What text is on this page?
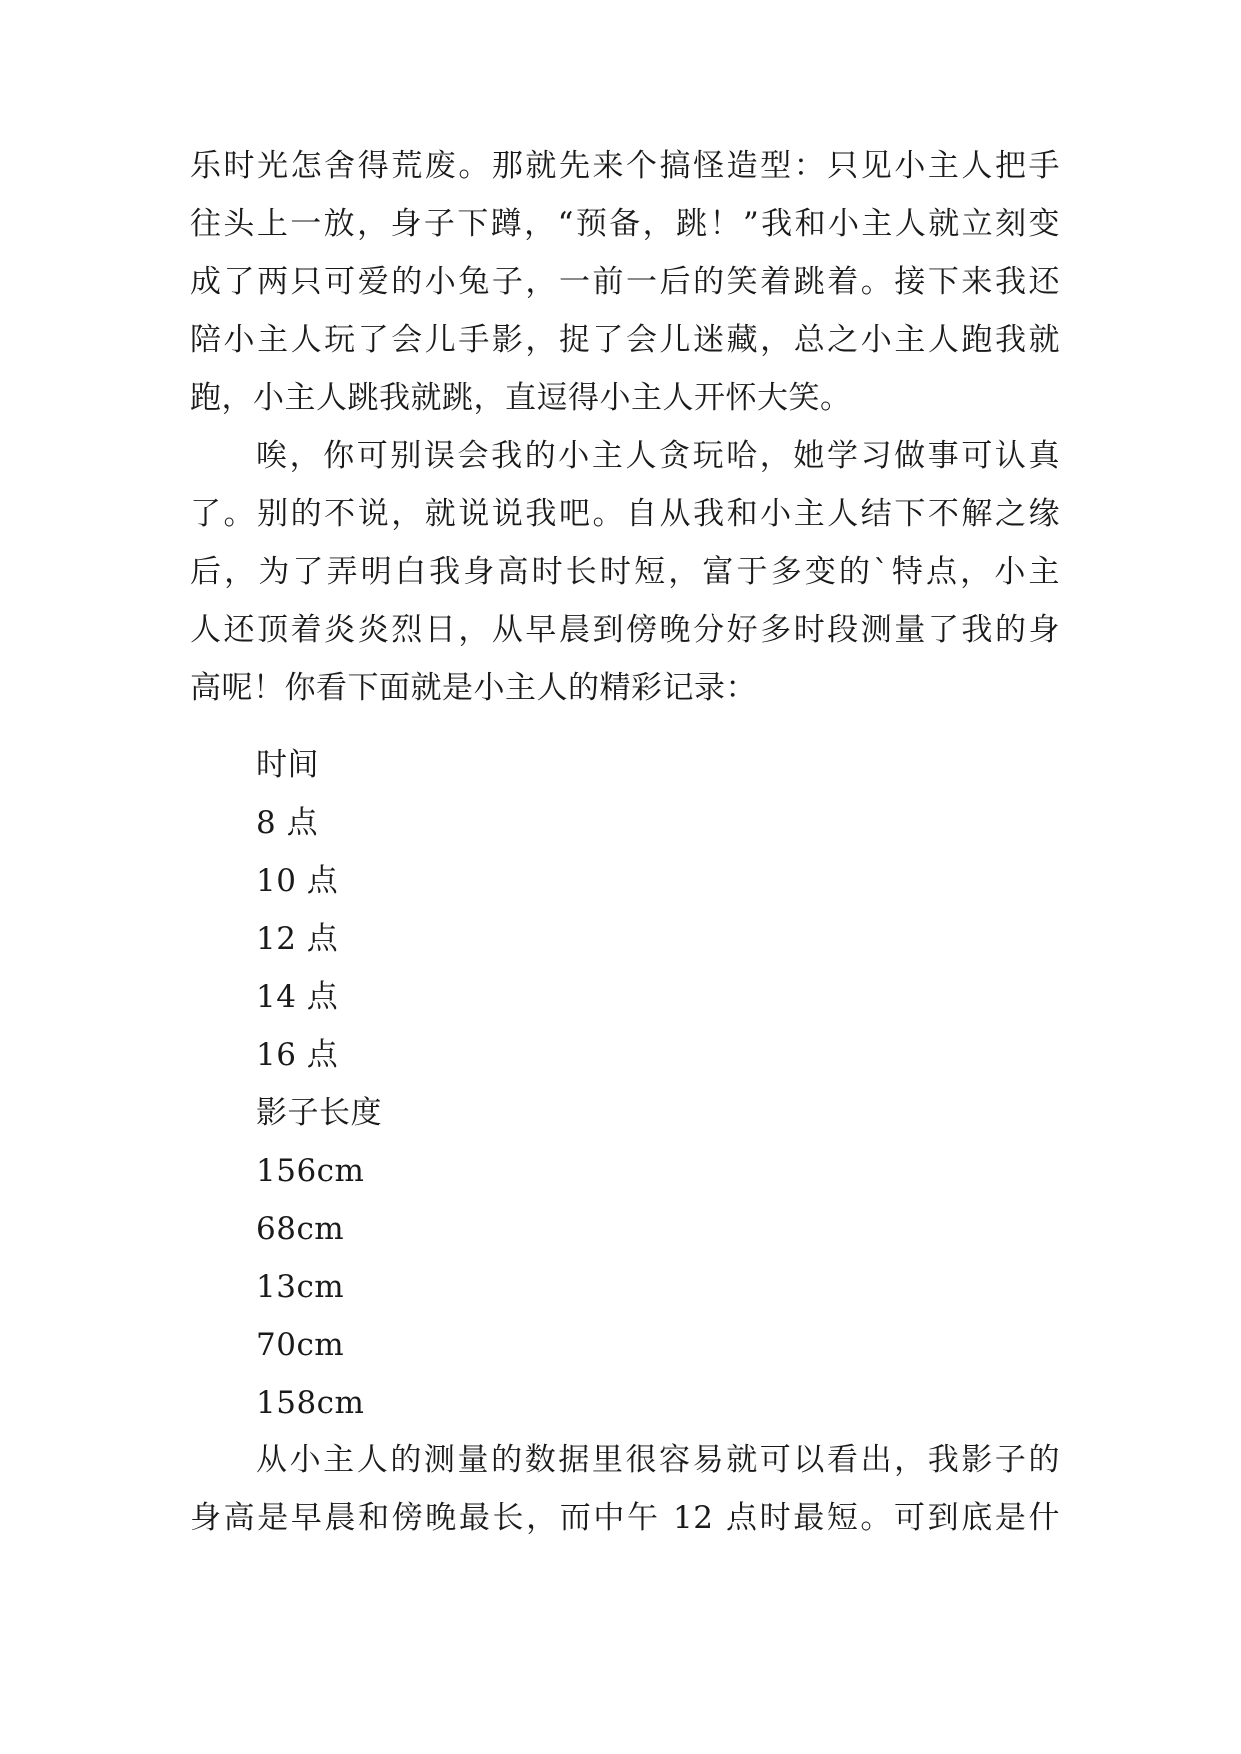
乐时光怎舍得荒废。那就先来个搞怪造型：只见小主人把手
往头上一放，身子下蹲，“预备，跳！”我和小主人就立刻变
成了两只可爱的小兔子，一前一后的笑着跳着。接下来我还
陪小主人玩了会儿手影，捉了会儿迷藏，总之小主人跑我就
跑，小主人跳我就跳，直逗得小主人开怀大笑。
唉，你可别误会我的小主人贪玩哈，她学习做事可认真
了。别的不说，就说说我吧。自从我和小主人结下不解之缘
后，为了弄明白我身高时长时短，富于多变的`特点，小主
人还顶着炎炎烈日，从早晨到傍晚分好多时段测量了我的身
高呢！你看下面就是小主人的精彩记录：
时间
8 点
10 点
12 点
14 点
16 点
影子长度
156cm
68cm
13cm
70cm
158cm
从小主人的测量的数据里很容易就可以看出，我影子的
身高是早晨和傍晚最长，而中午 12 点时最短。可到底是什
